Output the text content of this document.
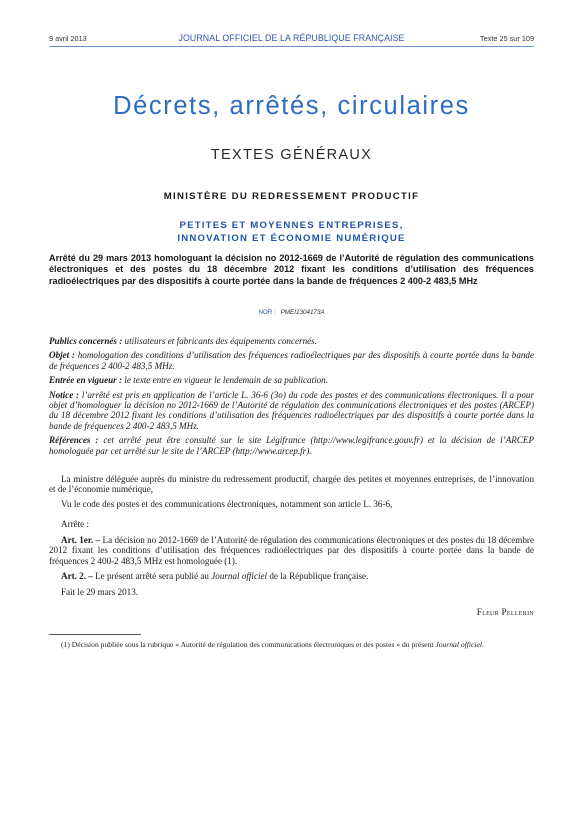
9 avril 2013	JOURNAL OFFICIEL DE LA RÉPUBLIQUE FRANÇAISE	Texte 25 sur 109
Décrets, arrêtés, circulaires
TEXTES GÉNÉRAUX
MINISTÈRE DU REDRESSEMENT PRODUCTIF
PETITES ET MOYENNES ENTREPRISES,
INNOVATION ET ÉCONOMIE NUMÉRIQUE
Arrêté du 29 mars 2013 homologuant la décision no 2012-1669 de l’Autorité de régulation des communications électroniques et des postes du 18 décembre 2012 fixant les conditions d’utilisation des fréquences radioélectriques par des dispositifs à courte portée dans la bande de fréquences 2 400-2 483,5 MHz
NOR : PMEI1304173A

Publics concernés : utilisateurs et fabricants des équipements concernés.

Objet : homologation des conditions d’utilisation des fréquences radioélectriques par des dispositifs à courte portée dans la bande de fréquences 2 400-2 483,5 MHz.

Entrée en vigueur : le texte entre en vigueur le lendemain de sa publication.

Notice : l’arrêté est pris en application de l’article L. 36-6 (3o) du code des postes et des communications électroniques. Il a pour objet d’homologuer la décision no 2012-1669 de l’Autorité de régulation des communications électroniques et des postes (ARCEP) du 18 décembre 2012 fixant les conditions d’utilisation des fréquences radioélectriques par des dispositifs à courte portée dans la bande de fréquences 2 400-2 483,5 MHz.

Références : cet arrêté peut être consulté sur le site Légifrance (http://www.legifrance.gouv.fr) et la décision de l’ARCEP homologuée par cet arrêté sur le site de l’ARCEP (http://www.arcep.fr).

La ministre déléguée auprès du ministre du redressement productif, chargée des petites et moyennes entreprises, de l’innovation et de l’économie numérique,

Vu le code des postes et des communications électroniques, notamment son article L. 36-6,

Arrête :

Art. 1er. – La décision no 2012-1669 de l’Autorité de régulation des communications électroniques et des postes du 18 décembre 2012 fixant les conditions d’utilisation des fréquences radioélectriques par des dispositifs à courte portée dans la bande de fréquences 2 400-2 483,5 MHz est homologuée (1).

Art. 2. – Le présent arrêté sera publié au Journal officiel de la République française.

Fait le 29 mars 2013.

Fleur Pellerin

(1) Décision publiée sous la rubrique « Autorité de régulation des communications électroniques et des postes » du présent Journal officiel.
